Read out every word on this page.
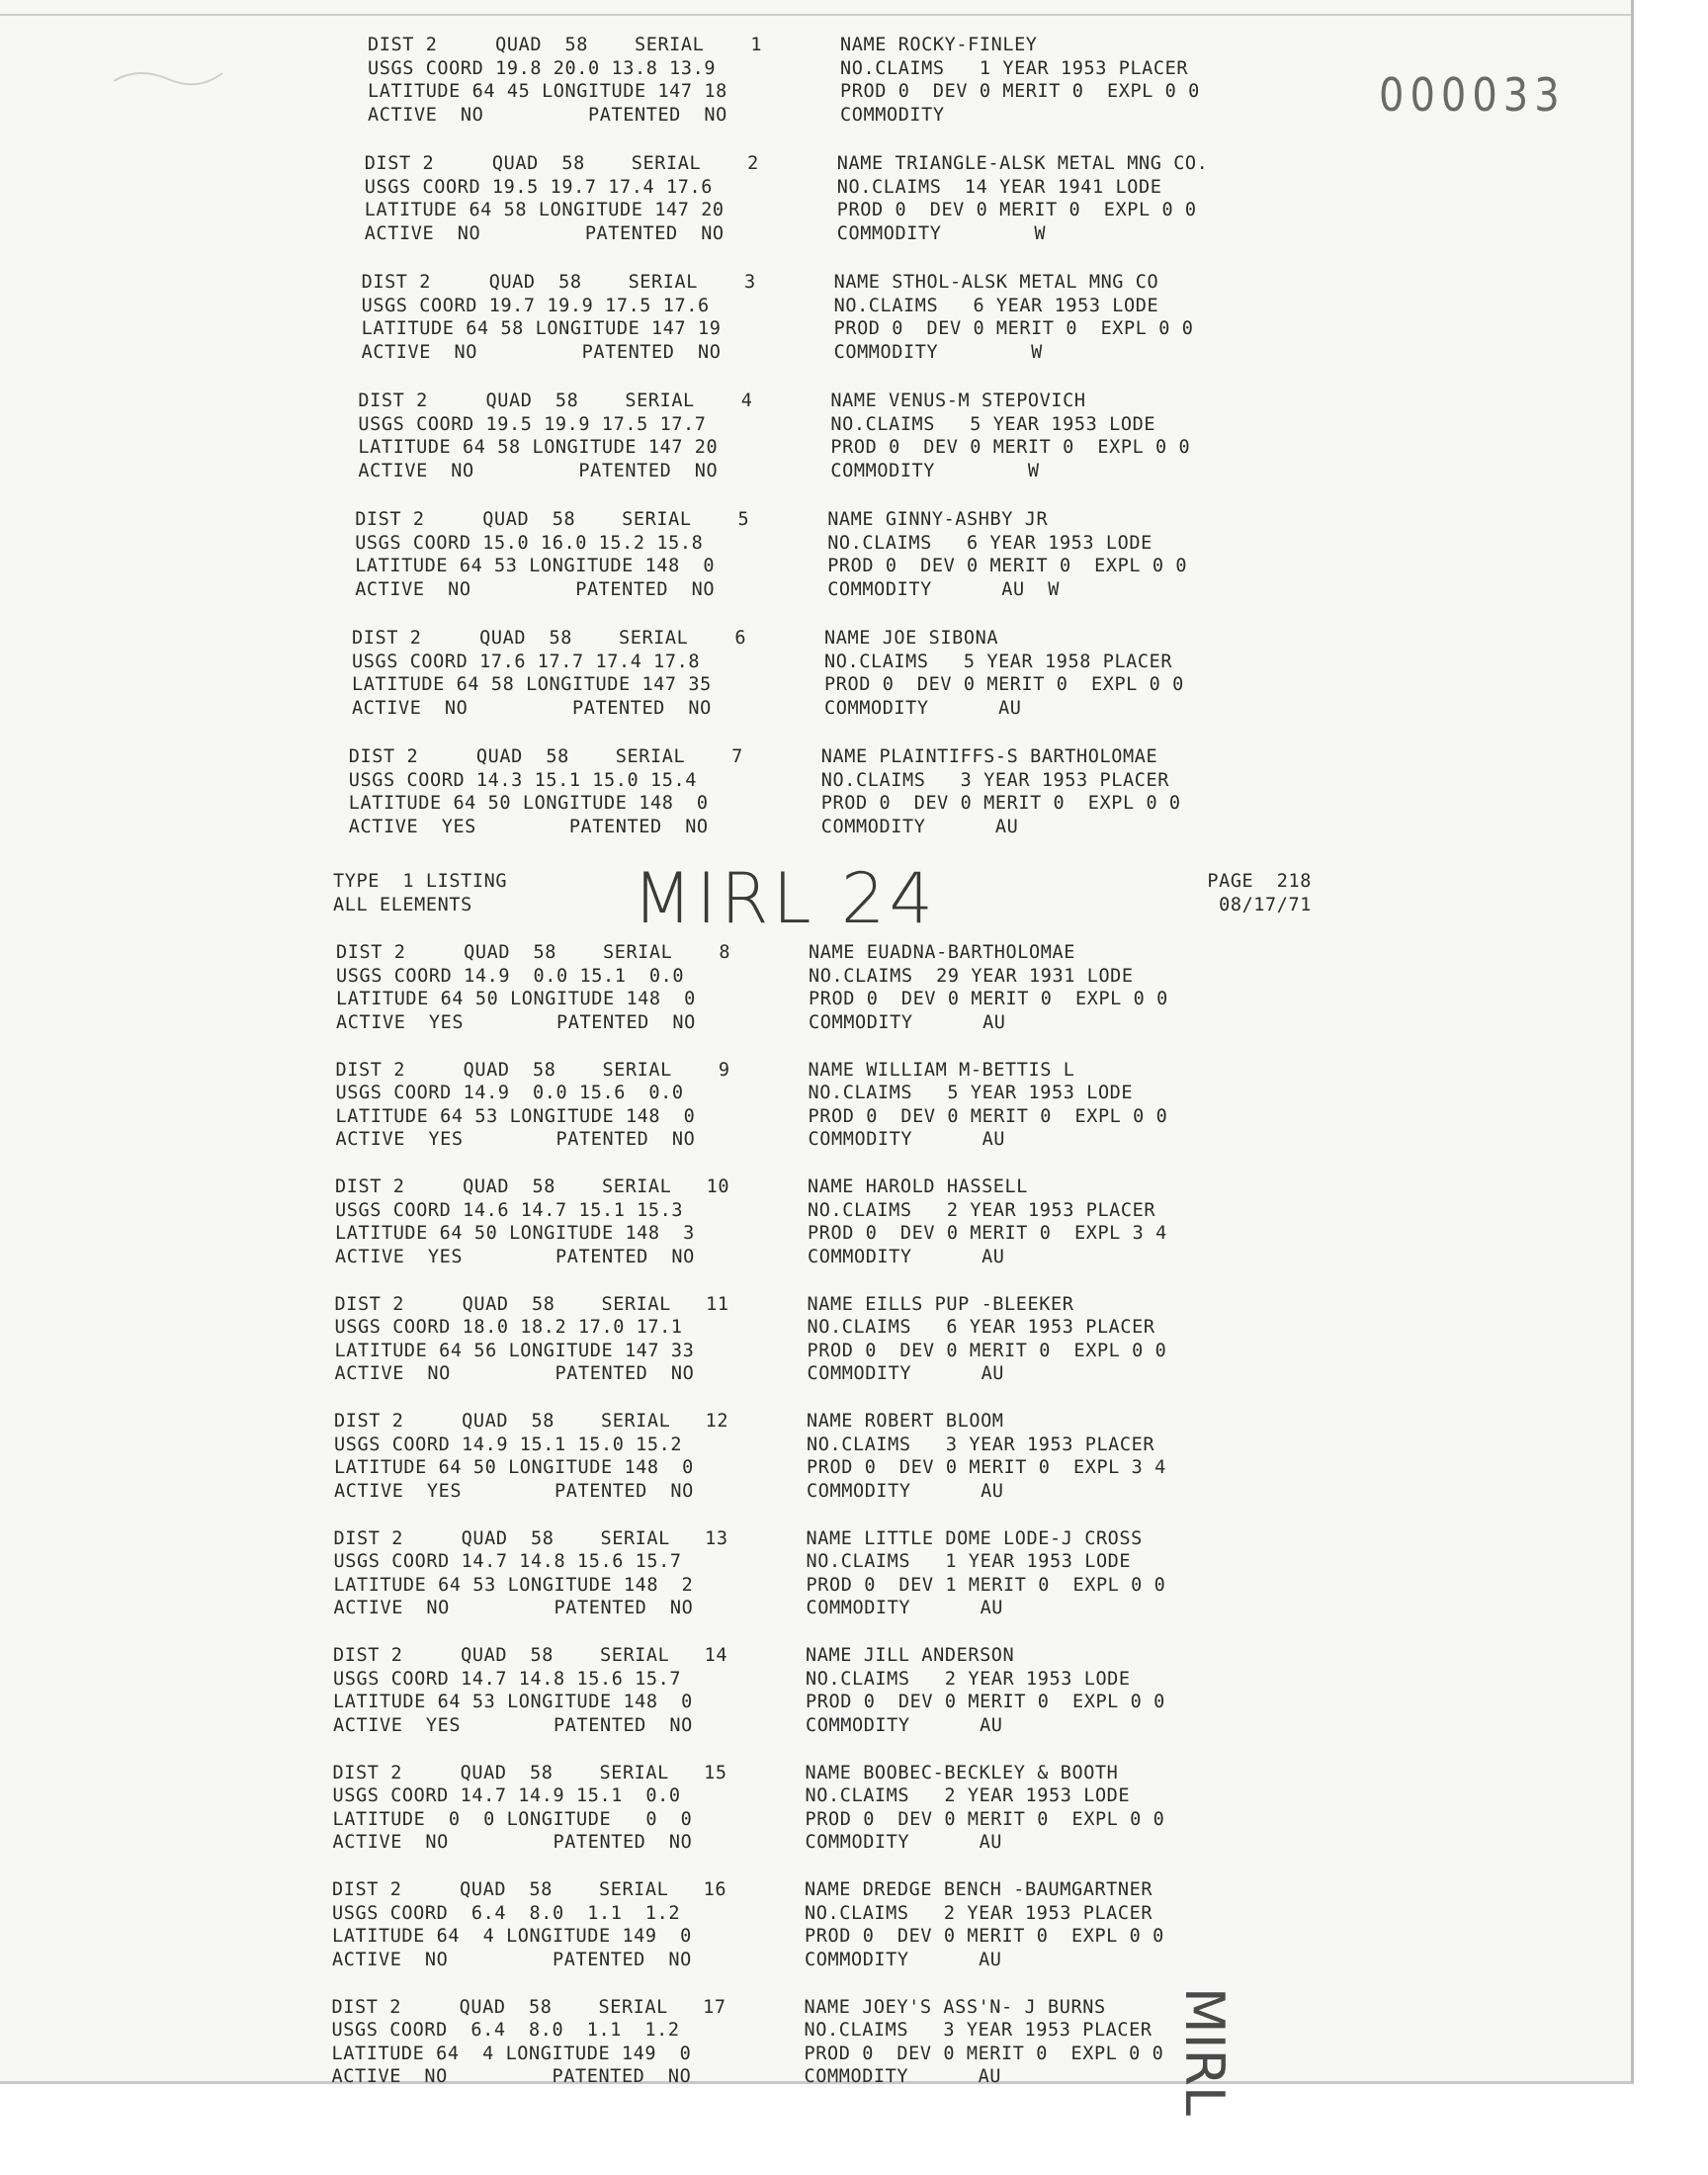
000033
TYPE  1 LISTING
ALL ELEMENTS
PAGE  218
08/17/71
MIRL 24
MIRL
DIST 2     QUAD  58    SERIAL    1	NAME ROCKY-FINLEY
USGS COORD 19.8 20.0 13.8 13.9	NO.CLAIMS   1 YEAR 1953 PLACER
LATITUDE 64 45 LONGITUDE 147 18	PROD 0  DEV 0 MERIT 0  EXPL 0 0
ACTIVE  NO         PATENTED  NO	COMMODITY
DIST 2     QUAD  58    SERIAL    2	NAME TRIANGLE-ALSK METAL MNG CO.
USGS COORD 19.5 19.7 17.4 17.6	NO.CLAIMS  14 YEAR 1941 LODE
LATITUDE 64 58 LONGITUDE 147 20	PROD 0  DEV 0 MERIT 0  EXPL 0 0
ACTIVE  NO         PATENTED  NO	COMMODITY        W
DIST 2     QUAD  58    SERIAL    3	NAME STHOL-ALSK METAL MNG CO
USGS COORD 19.7 19.9 17.5 17.6	NO.CLAIMS   6 YEAR 1953 LODE
LATITUDE 64 58 LONGITUDE 147 19	PROD 0  DEV 0 MERIT 0  EXPL 0 0
ACTIVE  NO         PATENTED  NO	COMMODITY        W
DIST 2     QUAD  58    SERIAL    4	NAME VENUS-M STEPOVICH
USGS COORD 19.5 19.9 17.5 17.7	NO.CLAIMS   5 YEAR 1953 LODE
LATITUDE 64 58 LONGITUDE 147 20	PROD 0  DEV 0 MERIT 0  EXPL 0 0
ACTIVE  NO         PATENTED  NO	COMMODITY        W
DIST 2     QUAD  58    SERIAL    5	NAME GINNY-ASHBY JR
USGS COORD 15.0 16.0 15.2 15.8	NO.CLAIMS   6 YEAR 1953 LODE
LATITUDE 64 53 LONGITUDE 148  0	PROD 0  DEV 0 MERIT 0  EXPL 0 0
ACTIVE  NO         PATENTED  NO	COMMODITY      AU  W
DIST 2     QUAD  58    SERIAL    6	NAME JOE SIBONA
USGS COORD 17.6 17.7 17.4 17.8	NO.CLAIMS   5 YEAR 1958 PLACER
LATITUDE 64 58 LONGITUDE 147 35	PROD 0  DEV 0 MERIT 0  EXPL 0 0
ACTIVE  NO         PATENTED  NO	COMMODITY      AU
DIST 2     QUAD  58    SERIAL    7	NAME PLAINTIFFS-S BARTHOLOMAE
USGS COORD 14.3 15.1 15.0 15.4	NO.CLAIMS   3 YEAR 1953 PLACER
LATITUDE 64 50 LONGITUDE 148  0	PROD 0  DEV 0 MERIT 0  EXPL 0 0
ACTIVE  YES        PATENTED  NO	COMMODITY      AU
DIST 2     QUAD  58    SERIAL    8	NAME EUADNA-BARTHOLOMAE
USGS COORD 14.9  0.0 15.1  0.0	NO.CLAIMS  29 YEAR 1931 LODE
LATITUDE 64 50 LONGITUDE 148  0	PROD 0  DEV 0 MERIT 0  EXPL 0 0
ACTIVE  YES        PATENTED  NO	COMMODITY      AU
DIST 2     QUAD  58    SERIAL    9	NAME WILLIAM M-BETTIS L
USGS COORD 14.9  0.0 15.6  0.0	NO.CLAIMS   5 YEAR 1953 LODE
LATITUDE 64 53 LONGITUDE 148  0	PROD 0  DEV 0 MERIT 0  EXPL 0 0
ACTIVE  YES        PATENTED  NO	COMMODITY      AU
DIST 2     QUAD  58    SERIAL   10	NAME HAROLD HASSELL
USGS COORD 14.6 14.7 15.1 15.3	NO.CLAIMS   2 YEAR 1953 PLACER
LATITUDE 64 50 LONGITUDE 148  3	PROD 0  DEV 0 MERIT 0  EXPL 3 4
ACTIVE  YES        PATENTED  NO	COMMODITY      AU
DIST 2     QUAD  58    SERIAL   11	NAME EILLS PUP -BLEEKER
USGS COORD 18.0 18.2 17.0 17.1	NO.CLAIMS   6 YEAR 1953 PLACER
LATITUDE 64 56 LONGITUDE 147 33	PROD 0  DEV 0 MERIT 0  EXPL 0 0
ACTIVE  NO         PATENTED  NO	COMMODITY      AU
DIST 2     QUAD  58    SERIAL   12	NAME ROBERT BLOOM
USGS COORD 14.9 15.1 15.0 15.2	NO.CLAIMS   3 YEAR 1953 PLACER
LATITUDE 64 50 LONGITUDE 148  0	PROD 0  DEV 0 MERIT 0  EXPL 3 4
ACTIVE  YES        PATENTED  NO	COMMODITY      AU
DIST 2     QUAD  58    SERIAL   13	NAME LITTLE DOME LODE-J CROSS
USGS COORD 14.7 14.8 15.6 15.7	NO.CLAIMS   1 YEAR 1953 LODE
LATITUDE 64 53 LONGITUDE 148  2	PROD 0  DEV 1 MERIT 0  EXPL 0 0
ACTIVE  NO         PATENTED  NO	COMMODITY      AU
DIST 2     QUAD  58    SERIAL   14	NAME JILL ANDERSON
USGS COORD 14.7 14.8 15.6 15.7	NO.CLAIMS   2 YEAR 1953 LODE
LATITUDE 64 53 LONGITUDE 148  0	PROD 0  DEV 0 MERIT 0  EXPL 0 0
ACTIVE  YES        PATENTED  NO	COMMODITY      AU
DIST 2     QUAD  58    SERIAL   15	NAME BOOBEC-BECKLEY & BOOTH
USGS COORD 14.7 14.9 15.1  0.0	NO.CLAIMS   2 YEAR 1953 LODE
LATITUDE  0  0 LONGITUDE   0  0	PROD 0  DEV 0 MERIT 0  EXPL 0 0
ACTIVE  NO         PATENTED  NO	COMMODITY      AU
DIST 2     QUAD  58    SERIAL   16	NAME DREDGE BENCH -BAUMGARTNER
USGS COORD  6.4  8.0  1.1  1.2	NO.CLAIMS   2 YEAR 1953 PLACER
LATITUDE 64  4 LONGITUDE 149  0	PROD 0  DEV 0 MERIT 0  EXPL 0 0
ACTIVE  NO         PATENTED  NO	COMMODITY      AU
DIST 2     QUAD  58    SERIAL   17	NAME JOEY'S ASS'N- J BURNS
USGS COORD  6.4  8.0  1.1  1.2	NO.CLAIMS   3 YEAR 1953 PLACER
LATITUDE 64  4 LONGITUDE 149  0	PROD 0  DEV 0 MERIT 0  EXPL 0 0
ACTIVE  NO         PATENTED  NO	COMMODITY      AU
